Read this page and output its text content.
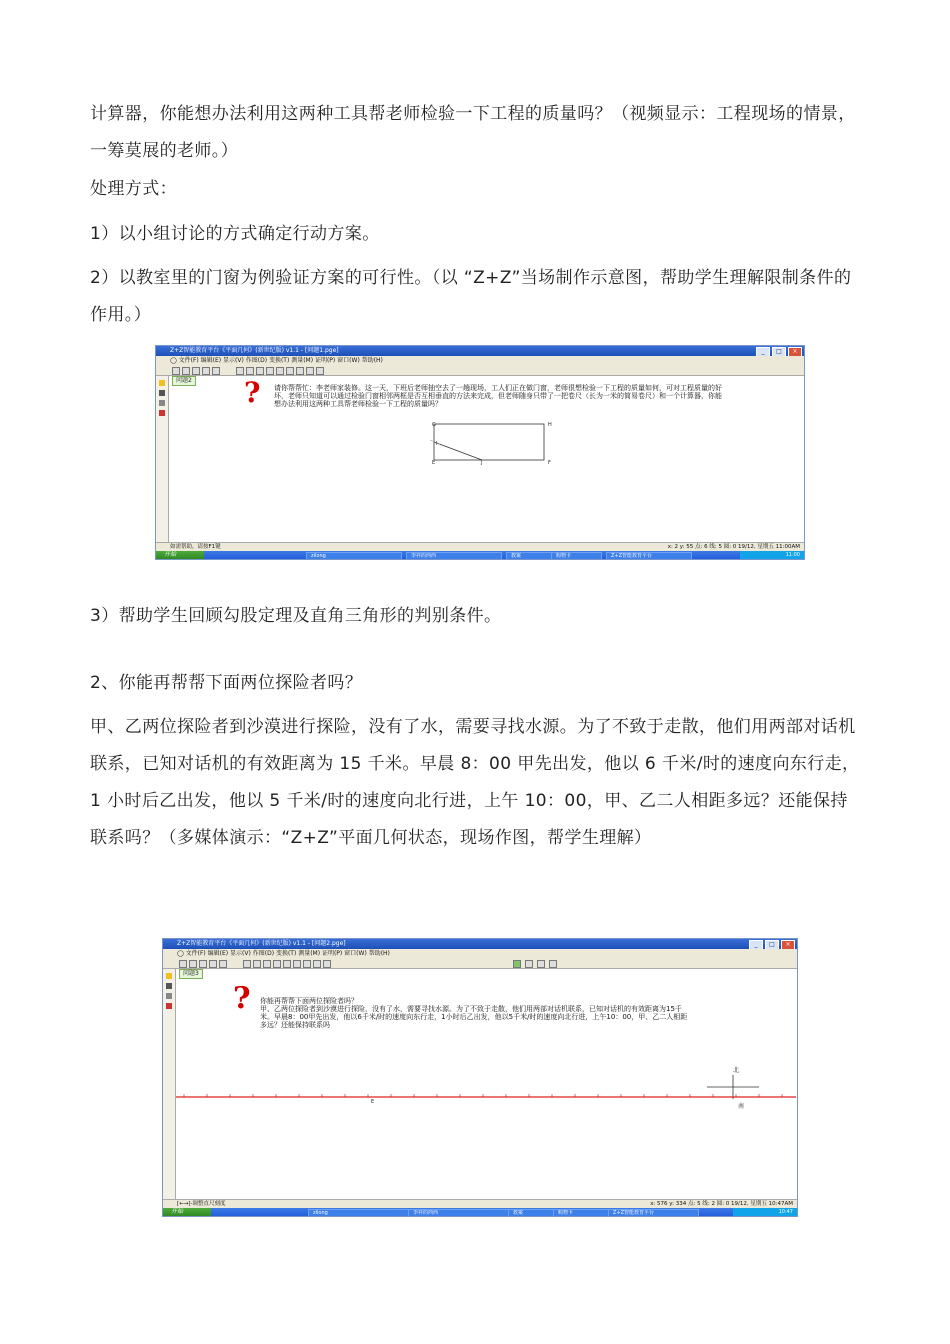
计算器，你能想办法利用这两种工具帮老师检验一下工程的质量吗？（视频显示：工程现场的情景，一筹莫展的老师。）

处理方式：

1）以小组讨论的方式确定行动方案。

2）以教室里的门窗为例验证方案的可行性。（以 “Z+Z”当场制作示意图，帮助学生理解限制条件的作用。）

3）帮助学生回顾勾股定理及直角三角形的判别条件。

2、你能再帮帮下面两位探险者吗？

甲、乙两位探险者到沙漠进行探险，没有了水，需要寻找水源。为了不致于走散，他们用两部对话机联系，已知对话机的有效距离为 15 千米。早晨 8：00 甲先出发，他以 6 千米/时的速度向东行走，1 小时后乙出发，他以 5 千米/时的速度向北行进，上午 10：00，甲、乙二人相距多远？还能保持联系吗？（多媒体演示：“Z+Z”平面几何状态，现场作图，帮学生理解）

Z+Z智能教育平台《平面几何》(新世纪版) v1.1 - [问题1.pge]	_	□	×
◯ 文件(F) 编辑(E) 显示(V) 作图(D) 变换(T) 测量(M) 证明(P) 窗口(W) 帮助(H)
问题2 ? 请你帮帮忙：李老师家装修。这一天，下班后老师抽空去了一趟现场，工人们正在做门窗，老师很想检验一下工程的质量如何，可对工程质量的好坏，老师只知道可以通过检验门窗相邻两框是否互相垂直的方法来完成，但老师随身只带了一把卷尺（长为一米的简易卷尺）和一个计算器，你能想办法利用这两种工具帮老师检验一下工程的质量吗？

G	H
I
E	J	F
如需帮助，请按F1键	x: 2 y: 55 点: 6 线: 5 圆: 0 19/12, 星期五 11:00AM
开始	zilong	李祥的西西	教案	购物卡	Z+Z智能教育平台	11:00
Z+Z智能教育平台《平面几何》(新世纪版) v1.1 - [问题2.pge]	_	□	×
◯ 文件(F) 编辑(E) 显示(V) 作图(D) 变换(T) 测量(M) 证明(P) 窗口(W) 帮助(H)
问题3
? 你能再帮帮下面两位探险者吗？
甲、乙两位探险者到沙漠进行探险，没有了水，需要寻找水源。为了不致于走散，他们用两部对话机联系，已知对话机的有效距离为15千米。早晨8：00甲先出发，他以6千米/时的速度向东行走，1小时后乙出发，他以5千米/时的速度向北行进，上午10：00，甲、乙二人相距多远？还能保持联系吗

北
南
E
[←→]-调整直尺刻度	x: 576 y: 334 点: 5 线: 2 圆: 0 19/12, 星期五 10:47AM
开始	zilong	李祥的西西	教案	购物卡	Z+Z智能教育平台	10:47
